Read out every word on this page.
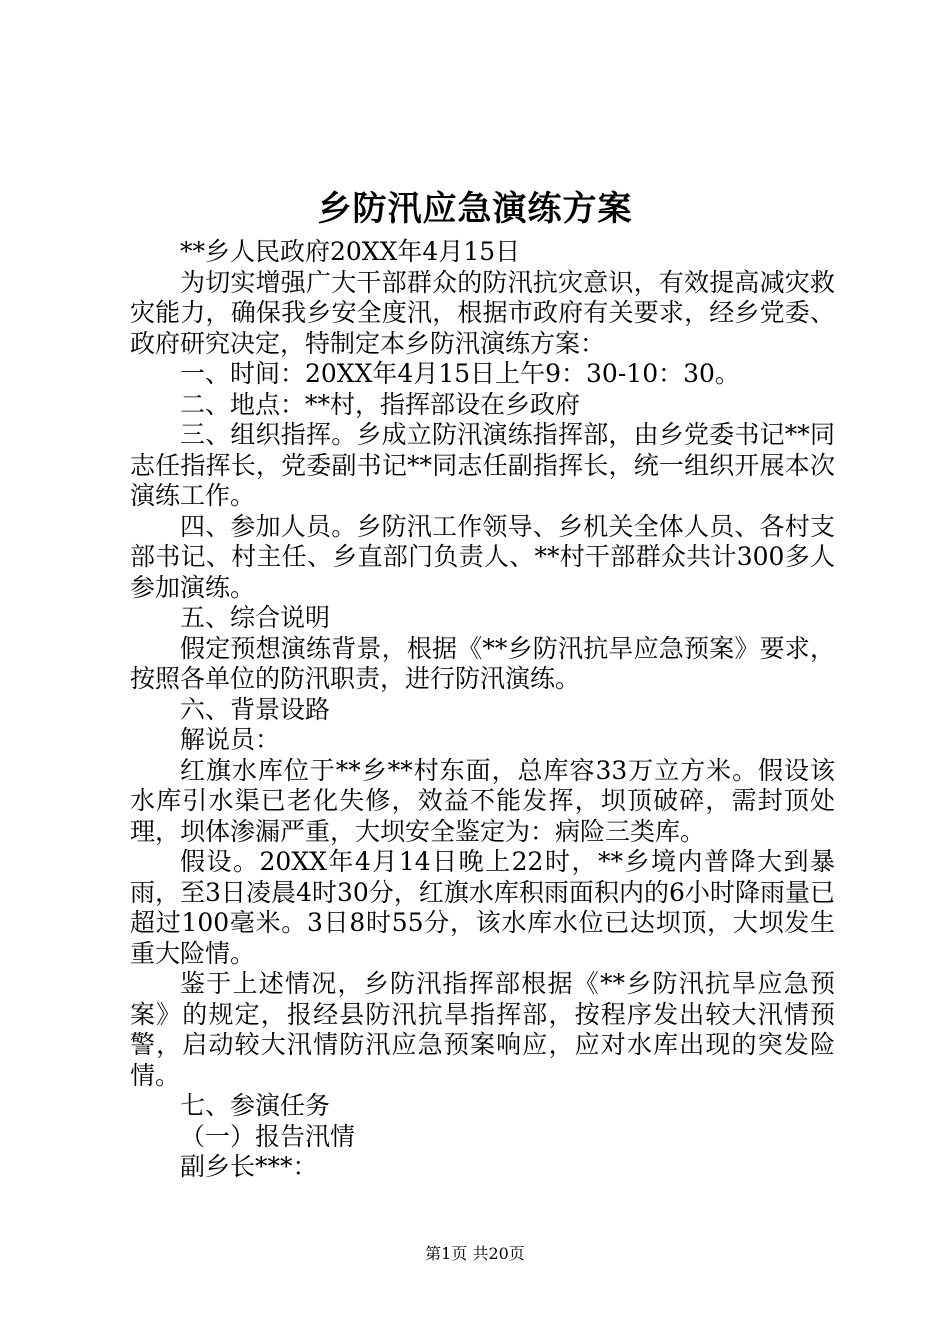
乡防汛应急演练方案

**乡人民政府20XX年4月15日

为切实增强广大干部群众的防汛抗灾意识，有效提高减灾救灾能力，确保我乡安全度汛，根据市政府有关要求，经乡党委、政府研究决定，特制定本乡防汛演练方案：

一、时间：20XX年4月15日上午9：30-10：30。

二、地点：**村，指挥部设在乡政府

三、组织指挥。乡成立防汛演练指挥部，由乡党委书记**同志任指挥长，党委副书记**同志任副指挥长，统一组织开展本次演练工作。

四、参加人员。乡防汛工作领导、乡机关全体人员、各村支部书记、村主任、乡直部门负责人、**村干部群众共计300多人参加演练。

五、综合说明

假定预想演练背景，根据《**乡防汛抗旱应急预案》要求，按照各单位的防汛职责，进行防汛演练。

六、背景设路

解说员：

红旗水库位于**乡**村东面，总库容33万立方米。假设该水库引水渠已老化失修，效益不能发挥，坝顶破碎，需封顶处理，坝体渗漏严重，大坝安全鉴定为：病险三类库。

假设。20XX年4月14日晚上22时，**乡境内普降大到暴雨，至3日凌晨4时30分，红旗水库积雨面积内的6小时降雨量已超过100毫米。3日8时55分，该水库水位已达坝顶，大坝发生重大险情。

鉴于上述情况，乡防汛指挥部根据《**乡防汛抗旱应急预案》的规定，报经县防汛抗旱指挥部，按程序发出较大汛情预警，启动较大汛情防汛应急预案响应，应对水库出现的突发险情。

七、参演任务

（一）报告汛情

副乡长***：

第1页 共20页
